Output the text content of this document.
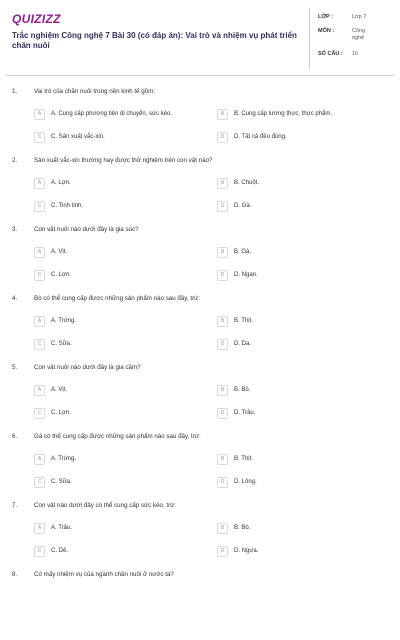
QUIZIZZ
Trắc nghiệm Công nghệ 7 Bài 30 (có đáp án): Vai trò và nhiệm vụ phát triển chăn nuôi
LỚP :	Lớp 7
MÔN :	Công nghệ
SỐ CÂU : 10
1.	Vai trò của chăn nuôi trong nền kinh tế gồm:
A	A. Cung cấp phương tiện di chuyển, sức kéo.	B	B. Cung cấp lương thực, thực phẩm.
C	C. Sản xuất vắc-xin.	D	D. Tất cả đều đúng.
2.	Sản xuất vắc-xin thường hay được thử nghiệm trên con vật nào?
A	A. Lợn.	B	B. Chuột.
C	C. Tinh tinh.	D	D. Gà.
3.	Con vật nuôi nào dưới đây là gia súc?
A	A. Vịt.	B	B. Gà.
C	C. Lợn.	D	D. Ngan.
4.	Bò có thể cung cấp được những sản phẩm nào sau đây, trừ:
A	A. Trứng.	B	B. Thịt.
C	C. Sữa.	D	D. Da.
5.	Con vật nuôi nào dưới đây là gia cầm?
A	A. Vịt.	B	B. Bò.
C	C. Lợn.	D	D. Trâu.
6.	Gà có thể cung cấp được những sản phẩm nào sau đây, trừ:
A	A. Trứng.	B	B. Thịt.
C	C. Sữa.	D	D. Lông.
7.	Con vật nào dưới đây có thể cung cấp sức kéo, trừ:
A	A. Trâu.	B	B. Bò.
C	C. Dê.	D	D. Ngựa.
8.	Có mấy nhiệm vụ của ngành chăn nuôi ở nước ta?
